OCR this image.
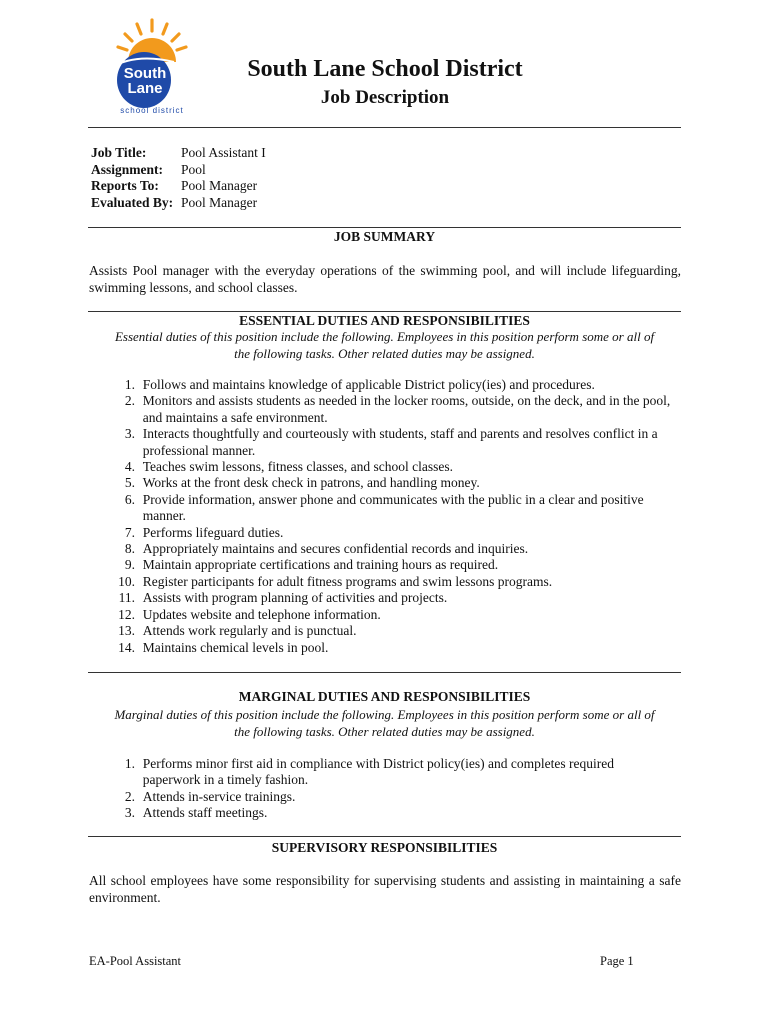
South
Lane
school district
South Lane School District
Job Description
Job Title:	Pool Assistant I
Assignment:	Pool
Reports To:	Pool Manager
Evaluated By: Pool Manager
JOB SUMMARY
Assists Pool manager with the everyday operations of the swimming pool, and will include lifeguarding, swimming lessons, and school classes.
ESSENTIAL DUTIES AND RESPONSIBILITIES
Essential duties of this position include the following. Employees in this position perform some or all of
the following tasks. Other related duties may be assigned.
1.
Follows and maintains knowledge of applicable District policy(ies) and procedures.
2.
Monitors and assists students as needed in the locker rooms, outside, on the deck, and in the pool, and maintains a safe environment.
3.
Interacts thoughtfully and courteously with students, staff and parents and resolves conflict in a professional manner.
4.
Teaches swim lessons, fitness classes, and school classes.
5.
Works at the front desk check in patrons, and handling money.
6.
Provide information, answer phone and communicates with the public in a clear and positive manner.
7.
Performs lifeguard duties.
8.
Appropriately maintains and secures confidential records and inquiries.
9.
Maintain appropriate certifications and training hours as required.
10.
Register participants for adult fitness programs and swim lessons programs.
11.
Assists with program planning of activities and projects.
12.
Updates website and telephone information.
13.
Attends work regularly and is punctual.
14.
Maintains chemical levels in pool.
MARGINAL DUTIES AND RESPONSIBILITIES
Marginal duties of this position include the following. Employees in this position perform some or all of
the following tasks. Other related duties may be assigned.
1.
Performs minor first aid in compliance with District policy(ies) and completes required paperwork in a timely fashion.
2.
Attends in-service trainings.
3.
Attends staff meetings.
SUPERVISORY RESPONSIBILITIES
All school employees have some responsibility for supervising students and assisting in maintaining a safe environment.
EA-Pool Assistant	Page 1
